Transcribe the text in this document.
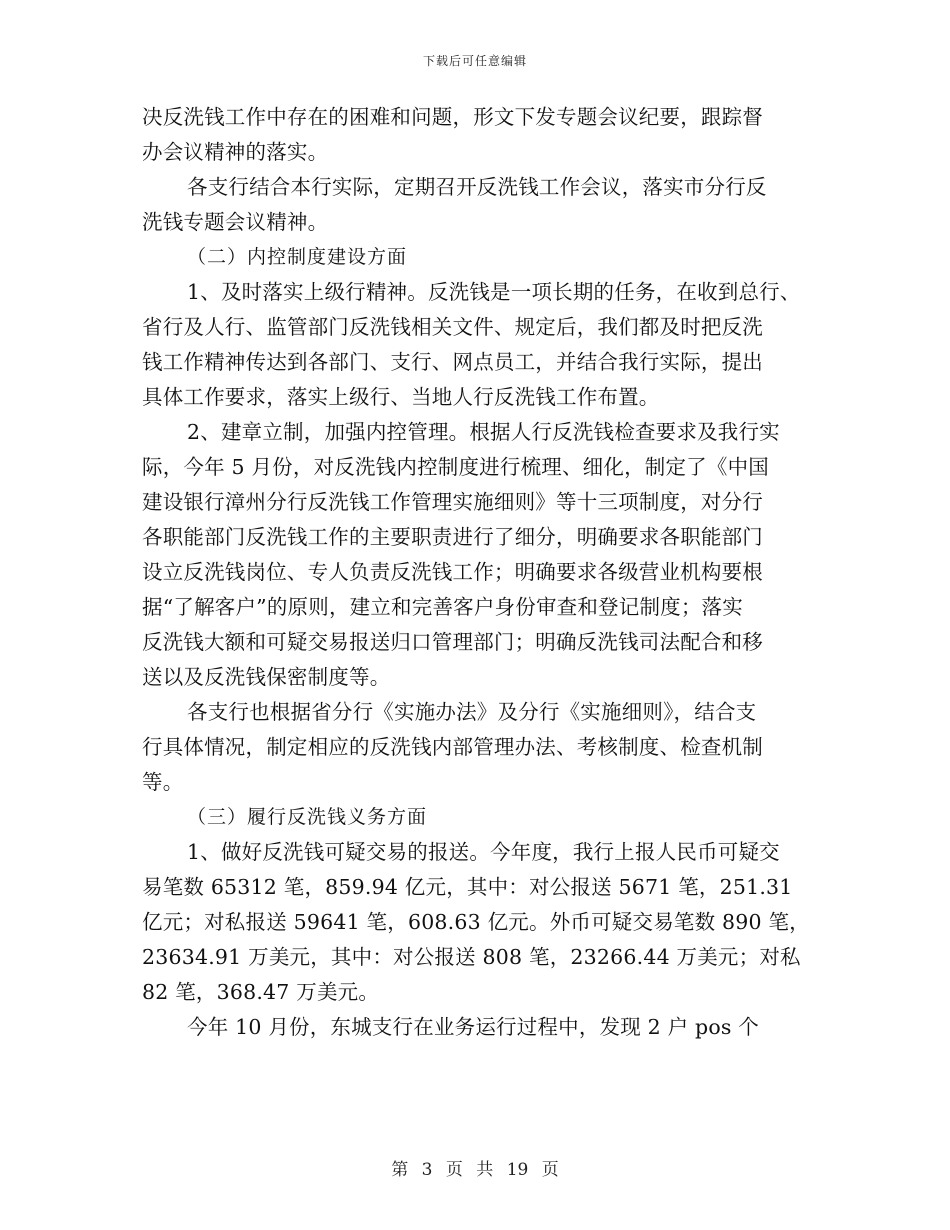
下载后可任意编辑
决反洗钱工作中存在的困难和问题，形文下发专题会议纪要，跟踪督
办会议精神的落实。
各支行结合本行实际，定期召开反洗钱工作会议，落实市分行反
洗钱专题会议精神。
（二）内控制度建设方面
1、及时落实上级行精神。反洗钱是一项长期的任务，在收到总行、
省行及人行、监管部门反洗钱相关文件、规定后，我们都及时把反洗
钱工作精神传达到各部门、支行、网点员工，并结合我行实际，提出
具体工作要求，落实上级行、当地人行反洗钱工作布置。
2、建章立制，加强内控管理。根据人行反洗钱检查要求及我行实
际，今年 5 月份，对反洗钱内控制度进行梳理、细化，制定了《中国
建设银行漳州分行反洗钱工作管理实施细则》等十三项制度，对分行
各职能部门反洗钱工作的主要职责进行了细分，明确要求各职能部门
设立反洗钱岗位、专人负责反洗钱工作；明确要求各级营业机构要根
据“了解客户”的原则，建立和完善客户身份审查和登记制度；落实
反洗钱大额和可疑交易报送归口管理部门；明确反洗钱司法配合和移
送以及反洗钱保密制度等。
各支行也根据省分行《实施办法》及分行《实施细则》，结合支
行具体情况，制定相应的反洗钱内部管理办法、考核制度、检查机制
等。
（三）履行反洗钱义务方面
1、做好反洗钱可疑交易的报送。今年度，我行上报人民币可疑交
易笔数 65312 笔，859.94 亿元，其中：对公报送 5671 笔，251.31
亿元；对私报送 59641 笔，608.63 亿元。外币可疑交易笔数 890 笔，
23634.91 万美元，其中：对公报送 808 笔，23266.44 万美元；对私
82 笔，368.47 万美元。
今年 10 月份，东城支行在业务运行过程中，发现 2 户 pos 个
第 3 页 共 19 页
